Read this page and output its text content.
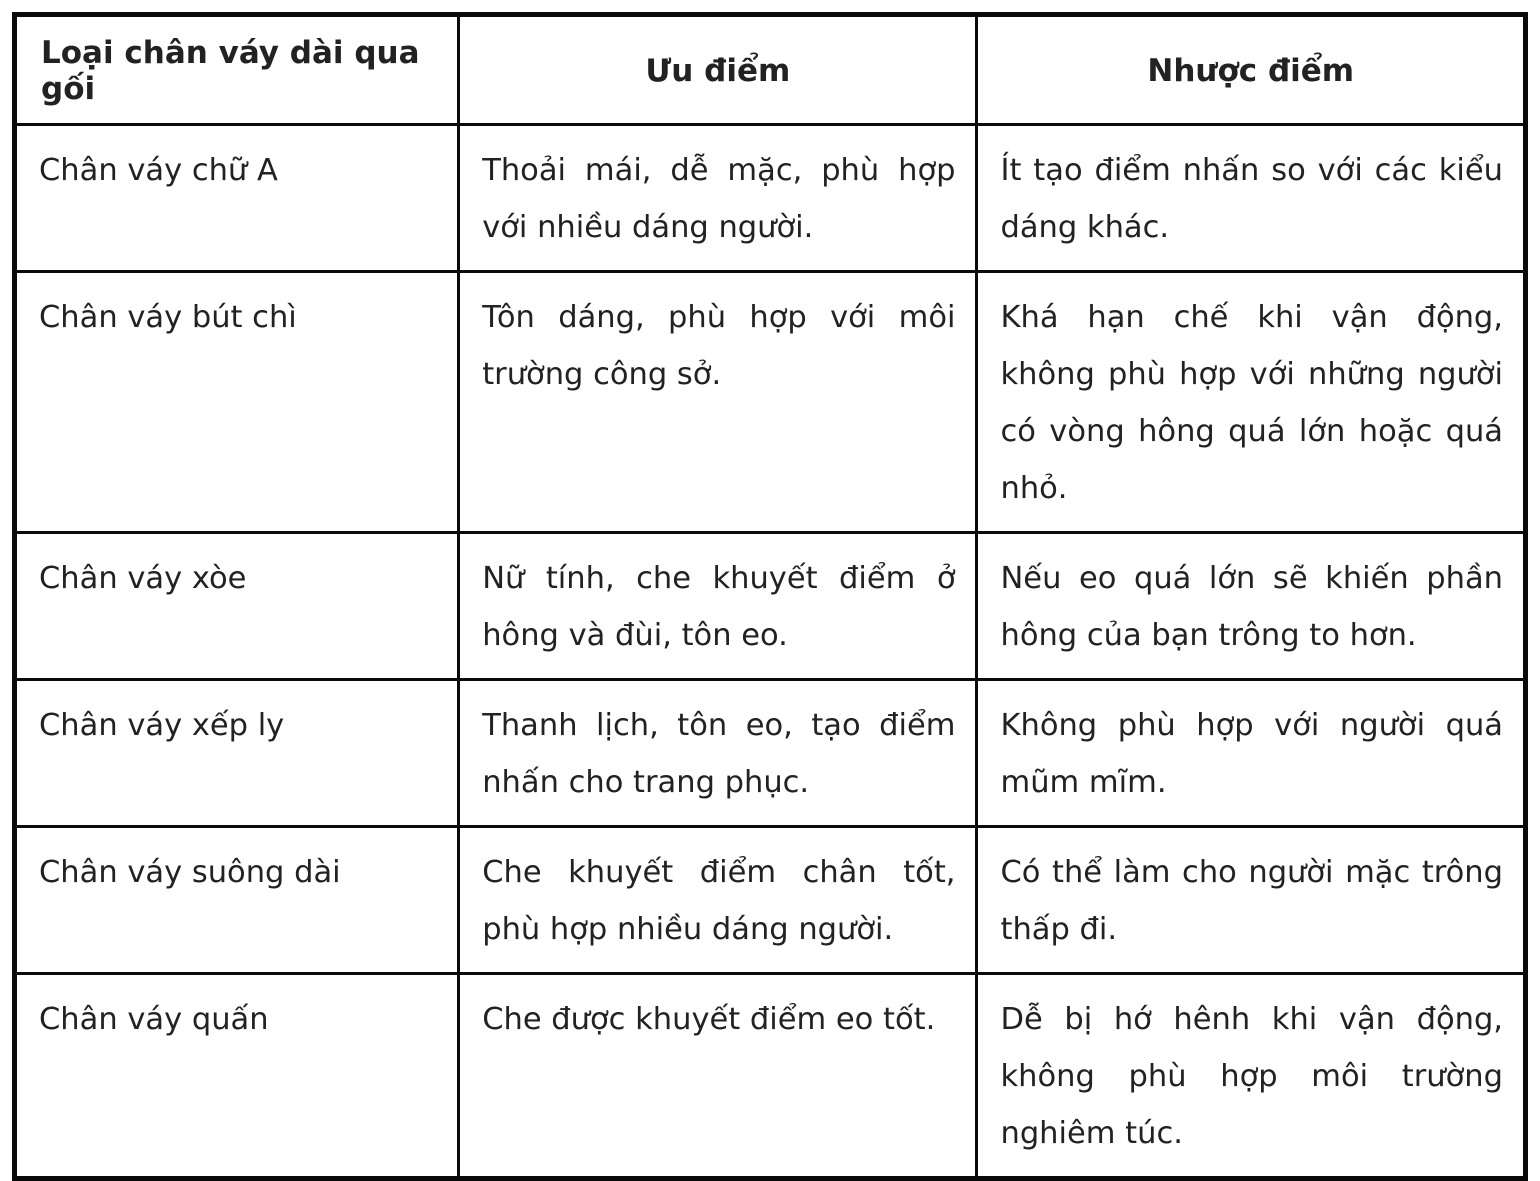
Loại chân váy dài qua gối	Ưu điểm	Nhược điểm
Chân váy chữ A	Thoải mái, dễ mặc, phù hợp với nhiều dáng người.	Ít tạo điểm nhấn so với các kiểu dáng khác.
Chân váy bút chì	Tôn dáng, phù hợp với môi trường công sở.	Khá hạn chế khi vận động, không phù hợp với những người có vòng hông quá lớn hoặc quá nhỏ.
Chân váy xòe	Nữ tính, che khuyết điểm ở hông và đùi, tôn eo.	Nếu eo quá lớn sẽ khiến phần hông của bạn trông to hơn.
Chân váy xếp ly	Thanh lịch, tôn eo, tạo điểm nhấn cho trang phục.	Không phù hợp với người quá mũm mĩm.
Chân váy suông dài	Che khuyết điểm chân tốt, phù hợp nhiều dáng người.	Có thể làm cho người mặc trông thấp đi.
Chân váy quấn	Che được khuyết điểm eo tốt.	Dễ bị hớ hênh khi vận động, không phù hợp môi trường nghiêm túc.
